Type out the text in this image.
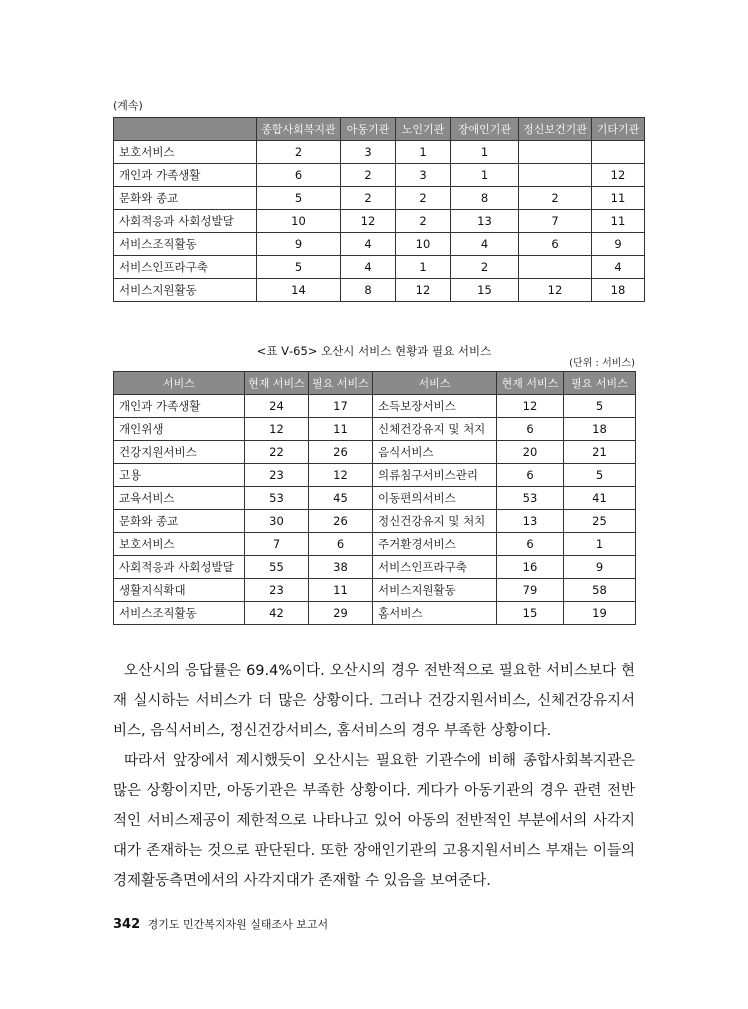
(계속)
	종합사회복지관	아동기관	노인기관	장애인기관	정신보건기관	기타기관
보호서비스	2	3	1	1		
개인과 가족생활	6	2	3	1		12
문화와 종교	5	2	2	8	2	11
사회적응과 사회성발달	10	12	2	13	7	11
서비스조직활동	9	4	10	4	6	9
서비스인프라구축	5	4	1	2		4
서비스지원활동	14	8	12	15	12	18
<표 Ⅴ-65> 오산시 서비스 현황과 필요 서비스
(단위 : 서비스)
서비스	현재 서비스	필요 서비스	서비스	현재 서비스	필요 서비스
개인과 가족생활	24	17	소득보장서비스	12	5
개인위생	12	11	신체건강유지 및 처지	6	18
건강지원서비스	22	26	음식서비스	20	21
고용	23	12	의류침구서비스관리	6	5
교육서비스	53	45	이동편의서비스	53	41
문화와 종교	30	26	정신건강유지 및 처치	13	25
보호서비스	7	6	주거환경서비스	6	1
사회적응과 사회성발달	55	38	서비스인프라구축	16	9
생활지식확대	23	11	서비스지원활동	79	58
서비스조직활동	42	29	홈서비스	15	19

오산시의 응답률은 69.4%이다. 오산시의 경우 전반적으로 필요한 서비스보다 현재 실시하는 서비스가 더 많은 상황이다. 그러나 건강지원서비스, 신체건강유지서비스, 음식서비스, 정신건강서비스, 홈서비스의 경우 부족한 상황이다.

따라서 앞장에서 제시했듯이 오산시는 필요한 기관수에 비해 종합사회복지관은 많은 상황이지만, 아동기관은 부족한 상황이다. 게다가 아동기관의 경우 관련 전반적인 서비스제공이 제한적으로 나타나고 있어 아동의 전반적인 부분에서의 사각지대가 존재하는 것으로 판단된다. 또한 장애인기관의 고용지원서비스 부재는 이들의 경제활동측면에서의 사각지대가 존재할 수 있음을 보여준다.

342 경기도 민간복지자원 실태조사 보고서
